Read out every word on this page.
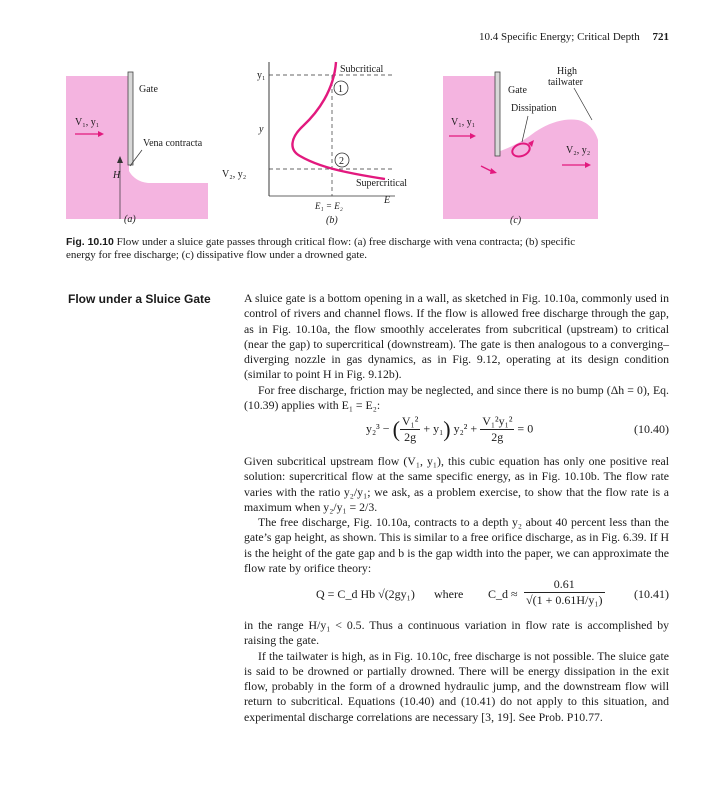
10.4 Specific Energy; Critical Depth 721
Gate
V₁, y₁
Vena contracta
H	V₂, y₂
(a)
y₁
y
Subcritical
1
2
Supercritical
E
E₁ = E₂
(b)
High
tailwater
Gate
Dissipation
V₁, y₁
V₂, y₂
(c)
Fig. 10.10 Flow under a sluice gate passes through critical flow: (a) free discharge with vena contracta; (b) specific energy for free discharge; (c) dissipative flow under a drowned gate.
Flow under a Sluice Gate	A sluice gate is a bottom opening in a wall, as sketched in Fig. 10.10a, commonly used in control of rivers and channel flows. If the flow is allowed free discharge through the gap, as in Fig. 10.10a, the flow smoothly accelerates from subcritical (upstream) to critical (near the gap) to supercritical (downstream). The gate is then analogous to a converging–diverging nozzle in gas dynamics, as in Fig. 9.12, operating at its design condition (similar to point H in Fig. 9.12b).

For free discharge, friction may be neglected, and since there is no bump (Δh = 0), Eq. (10.39) applies with E₁ = E₂:

y₂³ − ( $\frac{\text{V₁²}}{2g} + y_1$) $y_2^2 + \frac{\text{V₁²y₁²}}{2g} = 0$	(10.40)

Given subcritical upstream flow (V₁, y₁), this cubic equation has only one positive real solution: supercritical flow at the same specific energy, as in Fig. 10.10b. The flow rate varies with the ratio y₂/y₁; we ask, as a problem exercise, to show that the flow rate is a maximum when y₂/y₁ = 2/3.

The free discharge, Fig. 10.10a, contracts to a depth y₂ about 40 percent less than the gate’s gap height, as shown. This is similar to a free orifice discharge, as in Fig. 6.39. If H is the height of the gate gap and b is the gap width into the paper, we can approximate the flow rate by orifice theory:

Q = C_d Hb √(2gy₁) where C_d ≈ $\frac{0.61}{\text{√(1 + 0.61H/y₁)}} (10.41)$

in the range H/y₁ < 0.5. Thus a continuous variation in flow rate is accomplished by raising the gate.

If the tailwater is high, as in Fig. 10.10c, free discharge is not possible. The sluice gate is said to be drowned or partially drowned. There will be energy dissipation in the exit flow, probably in the form of a drowned hydraulic jump, and the downstream flow will return to subcritical. Equations (10.40) and (10.41) do not apply to this situation, and experimental discharge correlations are necessary [3, 19]. See Prob. P10.77.
